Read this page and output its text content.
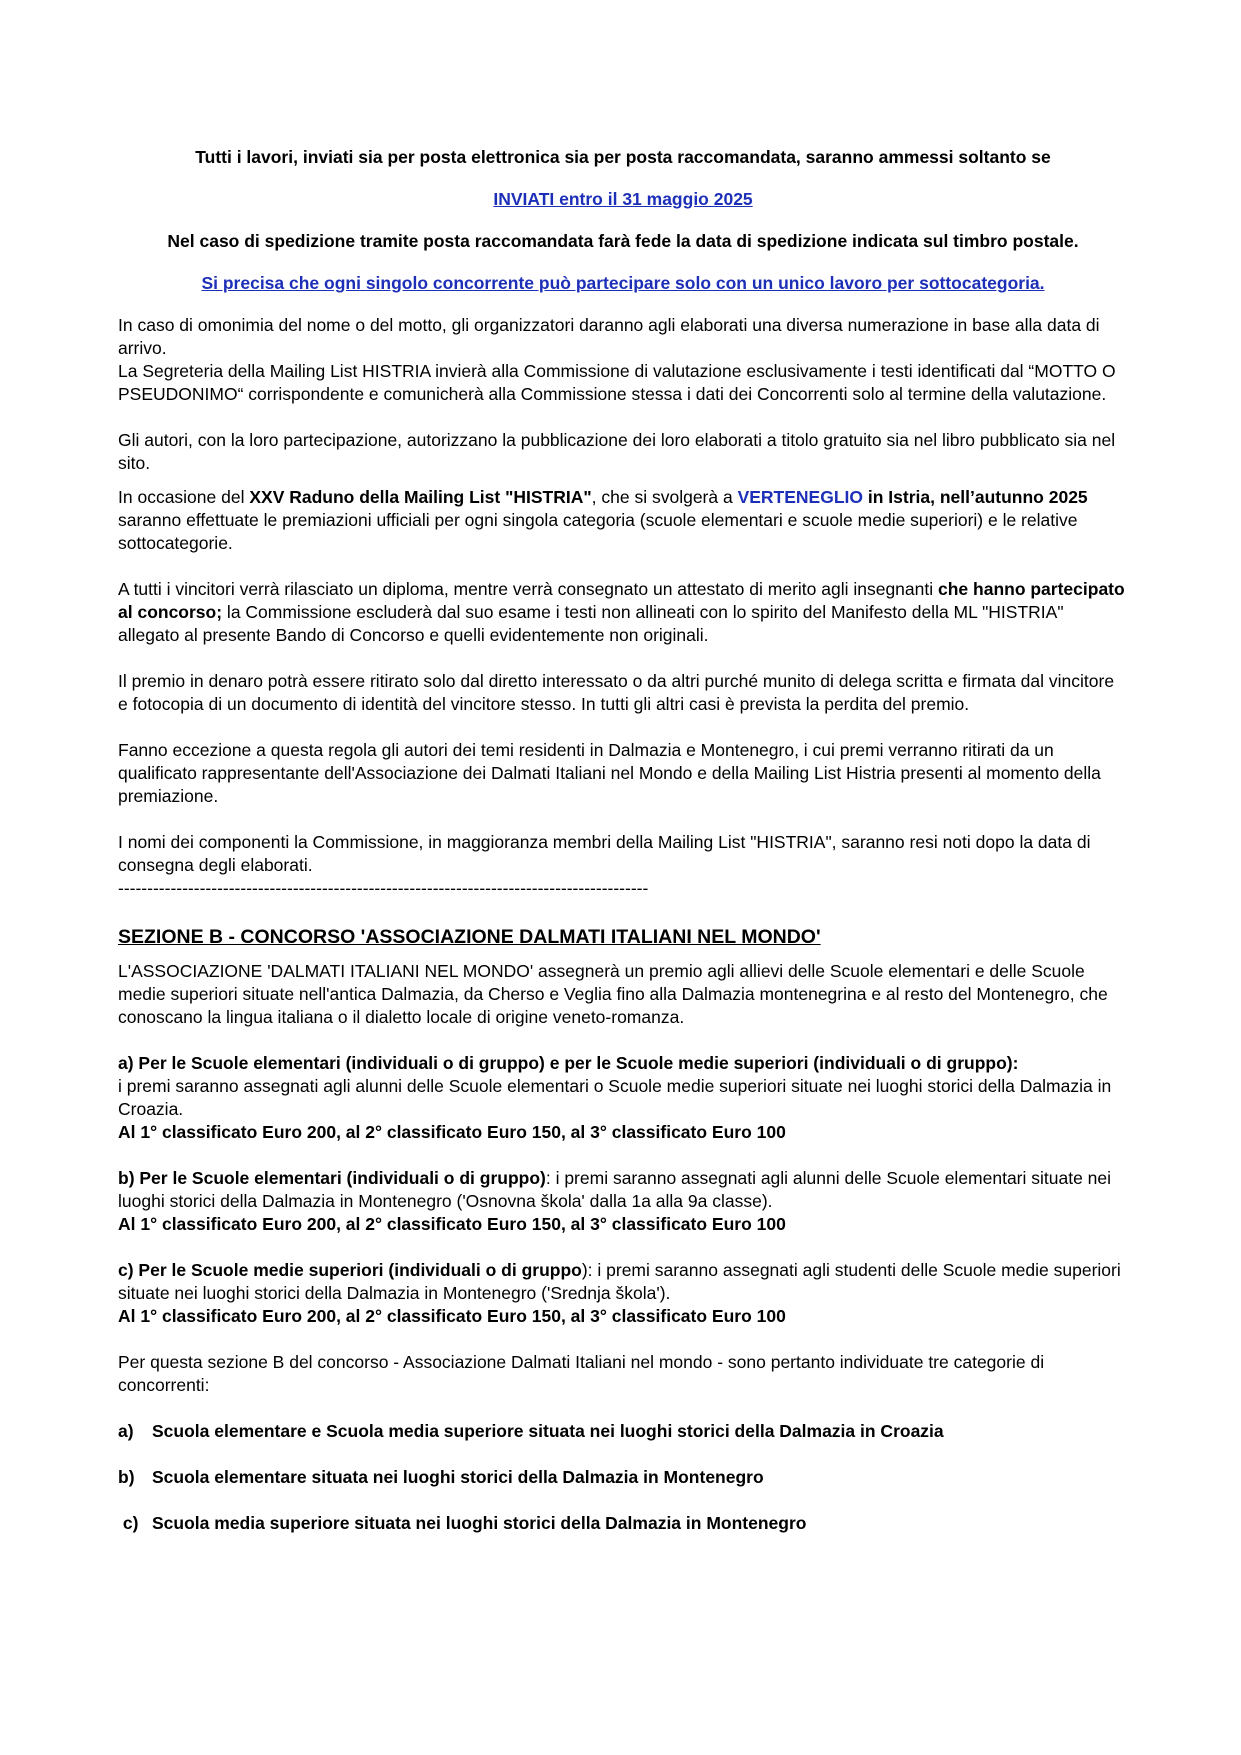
Tutti i lavori, inviati sia per posta elettronica sia per posta raccomandata, saranno ammessi soltanto se

INVIATI entro il 31 maggio 2025

Nel caso di spedizione tramite posta raccomandata farà fede la data di spedizione indicata sul timbro postale.

Si precisa che ogni singolo concorrente può partecipare solo con un unico lavoro per sottocategoria.

In caso di omonimia del nome o del motto, gli organizzatori daranno agli elaborati una diversa numerazione in base alla data di arrivo.

La Segreteria della Mailing List HISTRIA invierà alla Commissione di valutazione esclusivamente i testi identificati dal “MOTTO O PSEUDONIMO“ corrispondente e comunicherà alla Commissione stessa i dati dei Concorrenti solo al termine della valutazione.

Gli autori, con la loro partecipazione, autorizzano la pubblicazione dei loro elaborati a titolo gratuito sia nel libro pubblicato sia nel sito.

In occasione del XXV Raduno della Mailing List "HISTRIA", che si svolgerà a VERTENEGLIO in Istria, nell’autunno 2025 saranno effettuate le premiazioni ufficiali per ogni singola categoria (scuole elementari e scuole medie superiori) e le relative sottocategorie.

A tutti i vincitori verrà rilasciato un diploma, mentre verrà consegnato un attestato di merito agli insegnanti che hanno partecipato al concorso; la Commissione escluderà dal suo esame i testi non allineati con lo spirito del Manifesto della ML "HISTRIA" allegato al presente Bando di Concorso e quelli evidentemente non originali.

Il premio in denaro potrà essere ritirato solo dal diretto interessato o da altri purché munito di delega scritta e firmata dal vincitore e fotocopia di un documento di identità del vincitore stesso. In tutti gli altri casi è prevista la perdita del premio.

Fanno eccezione a questa regola gli autori dei temi residenti in Dalmazia e Montenegro, i cui premi verranno ritirati da un qualificato rappresentante dell'Associazione dei Dalmati Italiani nel Mondo e della Mailing List Histria presenti al momento della premiazione.

I nomi dei componenti la Commissione, in maggioranza membri della Mailing List "HISTRIA", saranno resi noti dopo la data di consegna degli elaborati.

-------------------------------------------------------------------------------------------

SEZIONE B - CONCORSO 'ASSOCIAZIONE DALMATI ITALIANI NEL MONDO'

L'ASSOCIAZIONE 'DALMATI ITALIANI NEL MONDO' assegnerà un premio agli allievi delle Scuole elementari e delle Scuole medie superiori situate nell'antica Dalmazia, da Cherso e Veglia fino alla Dalmazia montenegrina e al resto del Montenegro, che conoscano la lingua italiana o il dialetto locale di origine veneto-romanza.

a) Per le Scuole elementari (individuali o di gruppo) e per le Scuole medie superiori (individuali o di gruppo):

i premi saranno assegnati agli alunni delle Scuole elementari o Scuole medie superiori situate nei luoghi storici della Dalmazia in Croazia.

Al 1° classificato Euro 200, al 2° classificato Euro 150, al 3° classificato Euro 100

b) Per le Scuole elementari (individuali o di gruppo): i premi saranno assegnati agli alunni delle Scuole elementari situate nei luoghi storici della Dalmazia in Montenegro ('Osnovna škola' dalla 1a alla 9a classe).

Al 1° classificato Euro 200, al 2° classificato Euro 150, al 3° classificato Euro 100

c) Per le Scuole medie superiori (individuali o di gruppo): i premi saranno assegnati agli studenti delle Scuole medie superiori situate nei luoghi storici della Dalmazia in Montenegro ('Srednja škola').

Al 1° classificato Euro 200, al 2° classificato Euro 150, al 3° classificato Euro 100

Per questa sezione B del concorso - Associazione Dalmati Italiani nel mondo - sono pertanto individuate tre categorie di concorrenti:

a) Scuola elementare e Scuola media superiore situata nei luoghi storici della Dalmazia in Croazia

b) Scuola elementare situata nei luoghi storici della Dalmazia in Montenegro

c) Scuola media superiore situata nei luoghi storici della Dalmazia in Montenegro
